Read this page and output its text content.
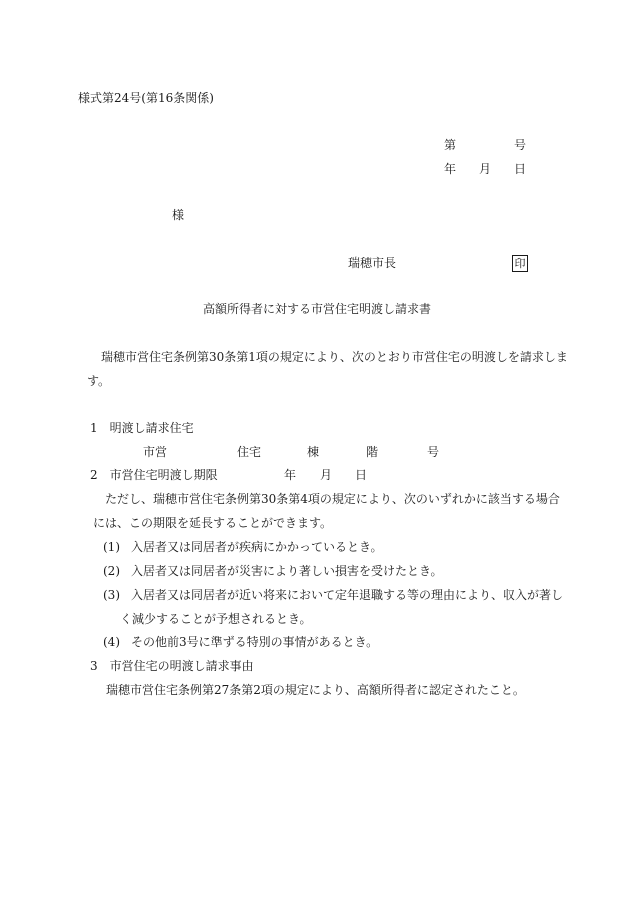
様式第24号(第16条関係)
第	号
年 月 日
様
瑞穂市長	印
高額所得者に対する市営住宅明渡し請求書
瑞穂市営住宅条例第30条第1項の規定により、次のとおり市営住宅の明渡しを請求しま
す。
1　明渡し請求住宅
市営	住宅	棟	階	号
2　市営住宅明渡し期限	年 月 日
ただし、瑞穂市営住宅条例第30条第4項の規定により、次のいずれかに該当する場合
には、この期限を延長することができます。
(1) 入居者又は同居者が疾病にかかっているとき。
(2) 入居者又は同居者が災害により著しい損害を受けたとき。
(3) 入居者又は同居者が近い将来において定年退職する等の理由により、収入が著し
く減少することが予想されるとき。
(4) その他前3号に準ずる特別の事情があるとき。
3　市営住宅の明渡し請求事由
瑞穂市営住宅条例第27条第2項の規定により、高額所得者に認定されたこと。
